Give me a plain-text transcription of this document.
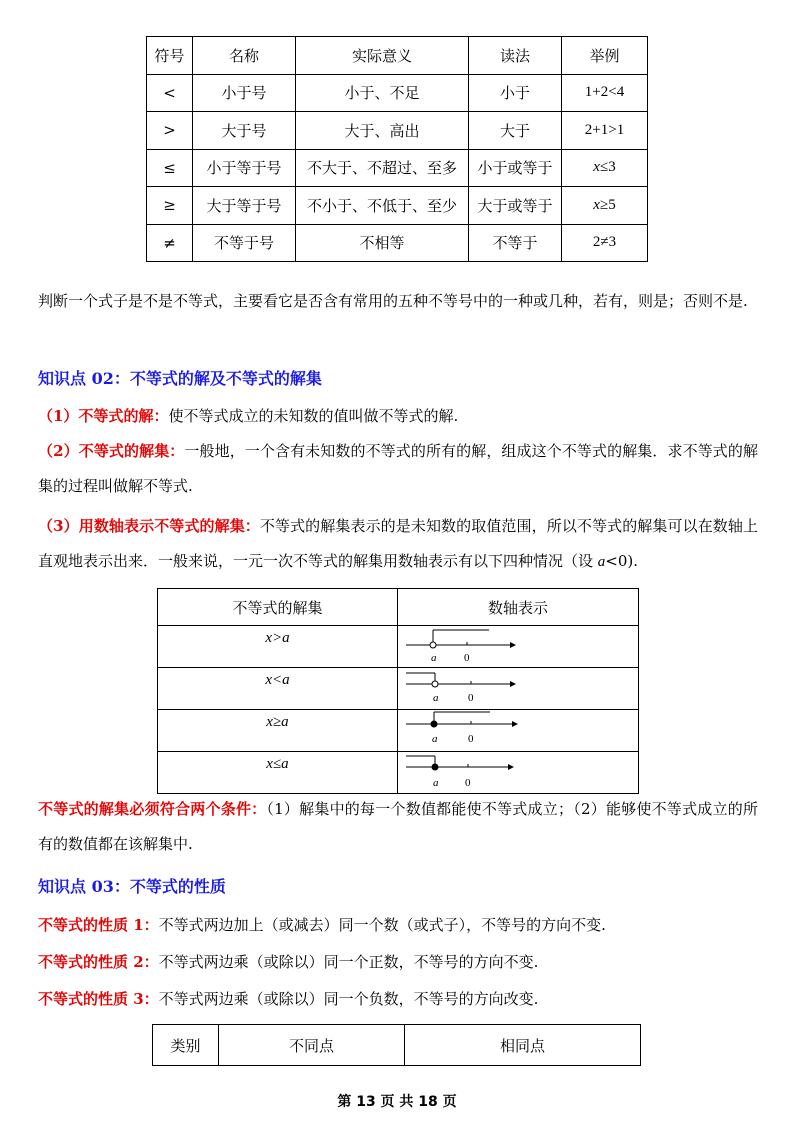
符号	名称	实际意义	读法	举例
<	小于号	小于、不足	小于	1+2<4
>	大于号	大于、高出	大于	2+1>1
≤	小于等于号	不大于、不超过、至多	小于或等于	x≤3
≥	大于等于号	不小于、不低于、至少	大于或等于	x≥5
≠	不等于号	不相等	不等于	2≠3
判断一个式子是不是不等式，主要看它是否含有常用的五种不等号中的一种或几种，若有，则是；否则不是.
知识点 02：不等式的解及不等式的解集
（1）不等式的解：使不等式成立的未知数的值叫做不等式的解.
（2）不等式的解集：一般地，一个含有未知数的不等式的所有的解，组成这个不等式的解集．求不等式的解集的过程叫做解不等式.
（3）用数轴表示不等式的解集：不等式的解集表示的是未知数的取值范围，所以不等式的解集可以在数轴上直观地表示出来．一般来说，一元一次不等式的解集用数轴表示有以下四种情况（设 a<0).
不等式的解集	数轴表示
x>a	a 0

x<a	a 0

x≥a	a 0

x≤a	a 0
不等式的解集必须符合两个条件：（1）解集中的每一个数值都能使不等式成立；（2）能够使不等式成立的所有的数值都在该解集中.
知识点 03：不等式的性质
不等式的性质 1：不等式两边加上（或减去）同一个数（或式子），不等号的方向不变.
不等式的性质 2：不等式两边乘（或除以）同一个正数，不等号的方向不变.
不等式的性质 3：不等式两边乘（或除以）同一个负数，不等号的方向改变.
类别	不同点	相同点
第 13 页 共 18 页
